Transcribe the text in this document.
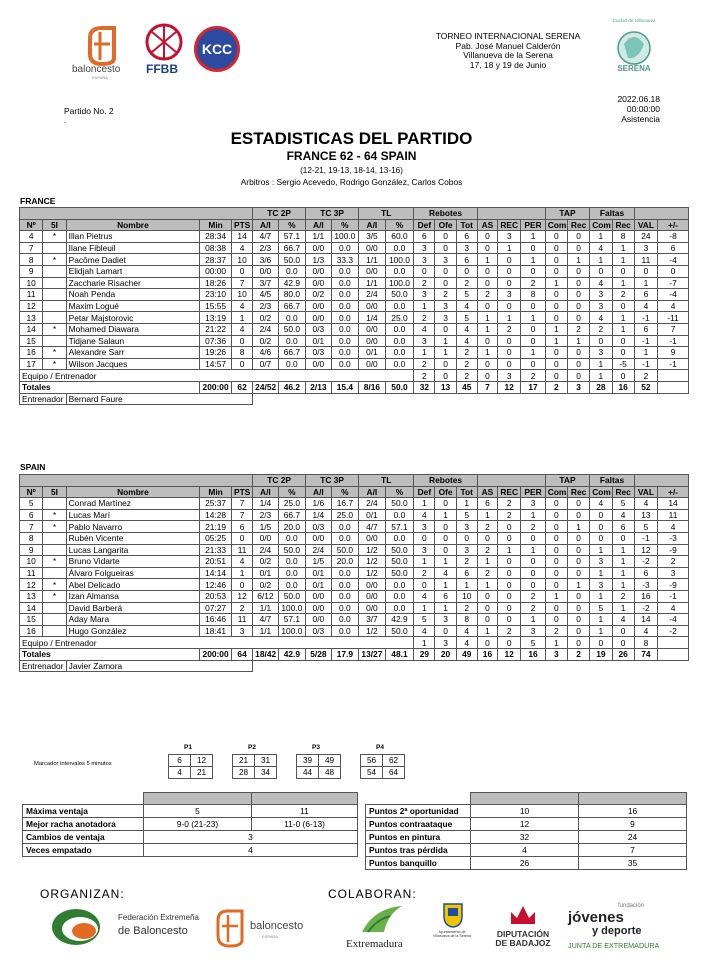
baloncesto
ESPAÑA
FFBB
KCC
TORNEO INTERNACIONAL SERENA
Pab. José Manuel Calderón
Villanueva de la Serena
17, 18 y 19 de Junio
Ciudad de Villanueva
SERENA
Partido No. 2
.
2022.06.18
00:00:00
Asistencia
ESTADISTICAS DEL PARTIDO
FRANCE 62 - 64 SPAIN
(12-21, 19-13, 18-14, 13-16)
Arbitros : Sergio Acevedo, Rodrigo González, Carlos Cobos
FRANCE
					TC 2P		TC 3P		TL		Rebotes						TAP		Faltas			
Nº	5I	Nombre	Min	PTS	A/I	%	A/I	%	A/I	%	Def	Ofe	Tot	AS	REC	PER	Com	Rec	Com	Rec	VAL	+/-
4	*	Illan Pietrus	28:34	14	4/7	57.1	1/1	100.0	3/5	60.0	6	0	6	0	3	1	0	0	1	8	24	-8
7		Ilane Fibleuil	08:38	4	2/3	66.7	0/0	0.0	0/0	0.0	3	0	3	0	1	0	0	0	4	1	3	6
8	*	Pacôme Dadiet	28:37	10	3/6	50.0	1/3	33.3	1/1	100.0	3	3	6	1	0	1	0	1	1	1	11	-4
9		Elidjah Lamart	00:00	0	0/0	0.0	0/0	0.0	0/0	0.0	0	0	0	0	0	0	0	0	0	0	0	0
10		Zaccharie Risacher	18:26	7	3/7	42.9	0/0	0.0	1/1	100.0	2	0	2	0	0	2	1	0	4	1	1	-7
11		Noah Penda	23:10	10	4/5	80.0	0/2	0.0	2/4	50.0	3	2	5	2	3	8	0	0	3	2	6	-4
12		Maxim Logué	15:55	4	2/3	66.7	0/0	0.0	0/0	0.0	1	3	4	0	0	0	0	0	3	0	4	4
13		Petar Majstorovic	13:19	1	0/2	0.0	0/0	0.0	1/4	25.0	2	3	5	1	1	1	0	0	4	1	-1	-11
14	*	Mohamed Diawara	21:22	4	2/4	50.0	0/3	0.0	0/0	0.0	4	0	4	1	2	0	1	2	2	1	6	7
15		Tidjane Salaun	07:36	0	0/2	0.0	0/1	0.0	0/0	0.0	3	1	4	0	0	0	1	1	0	0	-1	-1
16	*	Alexandre Sarr	19:26	8	4/6	66.7	0/3	0.0	0/1	0.0	1	1	2	1	0	1	0	0	3	0	1	9
17	*	Wilson Jacques	14:57	0	0/7	0.0	0/0	0.0	0/0	0.0	2	0	2	0	0	0	0	0	1	-5	-1	-1
Equipo / Entrenador											2	0	2	0	3	2	0	0	1	0	2	
Totales			200:00	62	24/52	46.2	2/13	15.4	8/16	50.0	32	13	45	7	12	17	2	3	28	16	52	
Entrenador		Bernard Faure																				
SPAIN
					TC 2P		TC 3P		TL		Rebotes						TAP		Faltas			
Nº	5I	Nombre	Min	PTS	A/I	%	A/I	%	A/I	%	Def	Ofe	Tot	AS	REC	PER	Com	Rec	Com	Rec	VAL	+/-
5		Conrad Martínez	25:37	7	1/4	25.0	1/6	16.7	2/4	50.0	1	0	1	6	2	3	0	0	4	5	4	14
6	*	Lucas Marí	14:28	7	2/3	66.7	1/4	25.0	0/1	0.0	4	1	5	1	2	1	0	0	0	4	13	11
7	*	Pablo Navarro	21:19	6	1/5	20.0	0/3	0.0	4/7	57.1	3	0	3	2	0	2	0	1	0	6	5	4
8		Rubén Vicente	05:25	0	0/0	0.0	0/0	0.0	0/0	0.0	0	0	0	0	0	0	0	0	0	0	-1	-3
9		Lucas Langarita	21:33	11	2/4	50.0	2/4	50.0	1/2	50.0	3	0	3	2	1	1	0	0	1	1	12	-9
10	*	Bruno Vidarte	20:51	4	0/2	0.0	1/5	20.0	1/2	50.0	1	1	2	1	0	0	0	0	3	1	-2	2
11		Álvaro Folgueiras	14:14	1	0/1	0.0	0/1	0.0	1/2	50.0	2	4	6	2	0	0	0	0	1	1	6	3
12	*	Abel Delicado	12:46	0	0/2	0.0	0/1	0.0	0/0	0.0	0	1	1	1	0	0	0	1	3	1	-3	-9
13	*	Izan Almansa	20:53	12	6/12	50.0	0/0	0.0	0/0	0.0	4	6	10	0	0	2	1	0	1	2	16	-1
14		David Barberá	07:27	2	1/1	100.0	0/0	0.0	0/0	0.0	1	1	2	0	0	2	0	0	5	1	-2	4
15		Aday Mara	16:46	11	4/7	57.1	0/0	0.0	3/7	42.9	5	3	8	0	0	1	0	0	1	4	14	-4
16		Hugo González	18:41	3	1/1	100.0	0/3	0.0	1/2	50.0	4	0	4	1	2	3	2	0	1	0	4	-2
Equipo / Entrenador											1	3	4	0	0	5	1	0	0	0	8	
Totales			200:00	64	18/42	42.9	5/28	17.9	13/27	48.1	29	20	49	16	12	16	3	2	19	26	74	
Entrenador		Javier Zamora																				
Marcador intervalos 5 minutos
P1
6	12
4	21
P2
21	31
28	34
P3
39	49
44	48
P4
56	62
54	64

Máxima ventaja	5	11
Mejor racha anotadora	9-0 (21-23)	11-0 (6-13)
Cambios de ventaja	3	
Veces empatado	4	

Puntos 2ª oportunidad	10	16
Puntos contraataque	12	9
Puntos en pintura	32	24
Puntos tras pérdida	4	7
Puntos banquillo	26	35
ORGANIZAN:	COLABORAN:
Federación Extremeña
de Baloncesto	baloncesto
ESPAÑA
Extremadura
Ayuntamiento de Villanueva de la Serena	DIPUTACIÓN
DE BADAJOZ
fundación
jóvenes
y deporte
JUNTA DE EXTREMADURA
